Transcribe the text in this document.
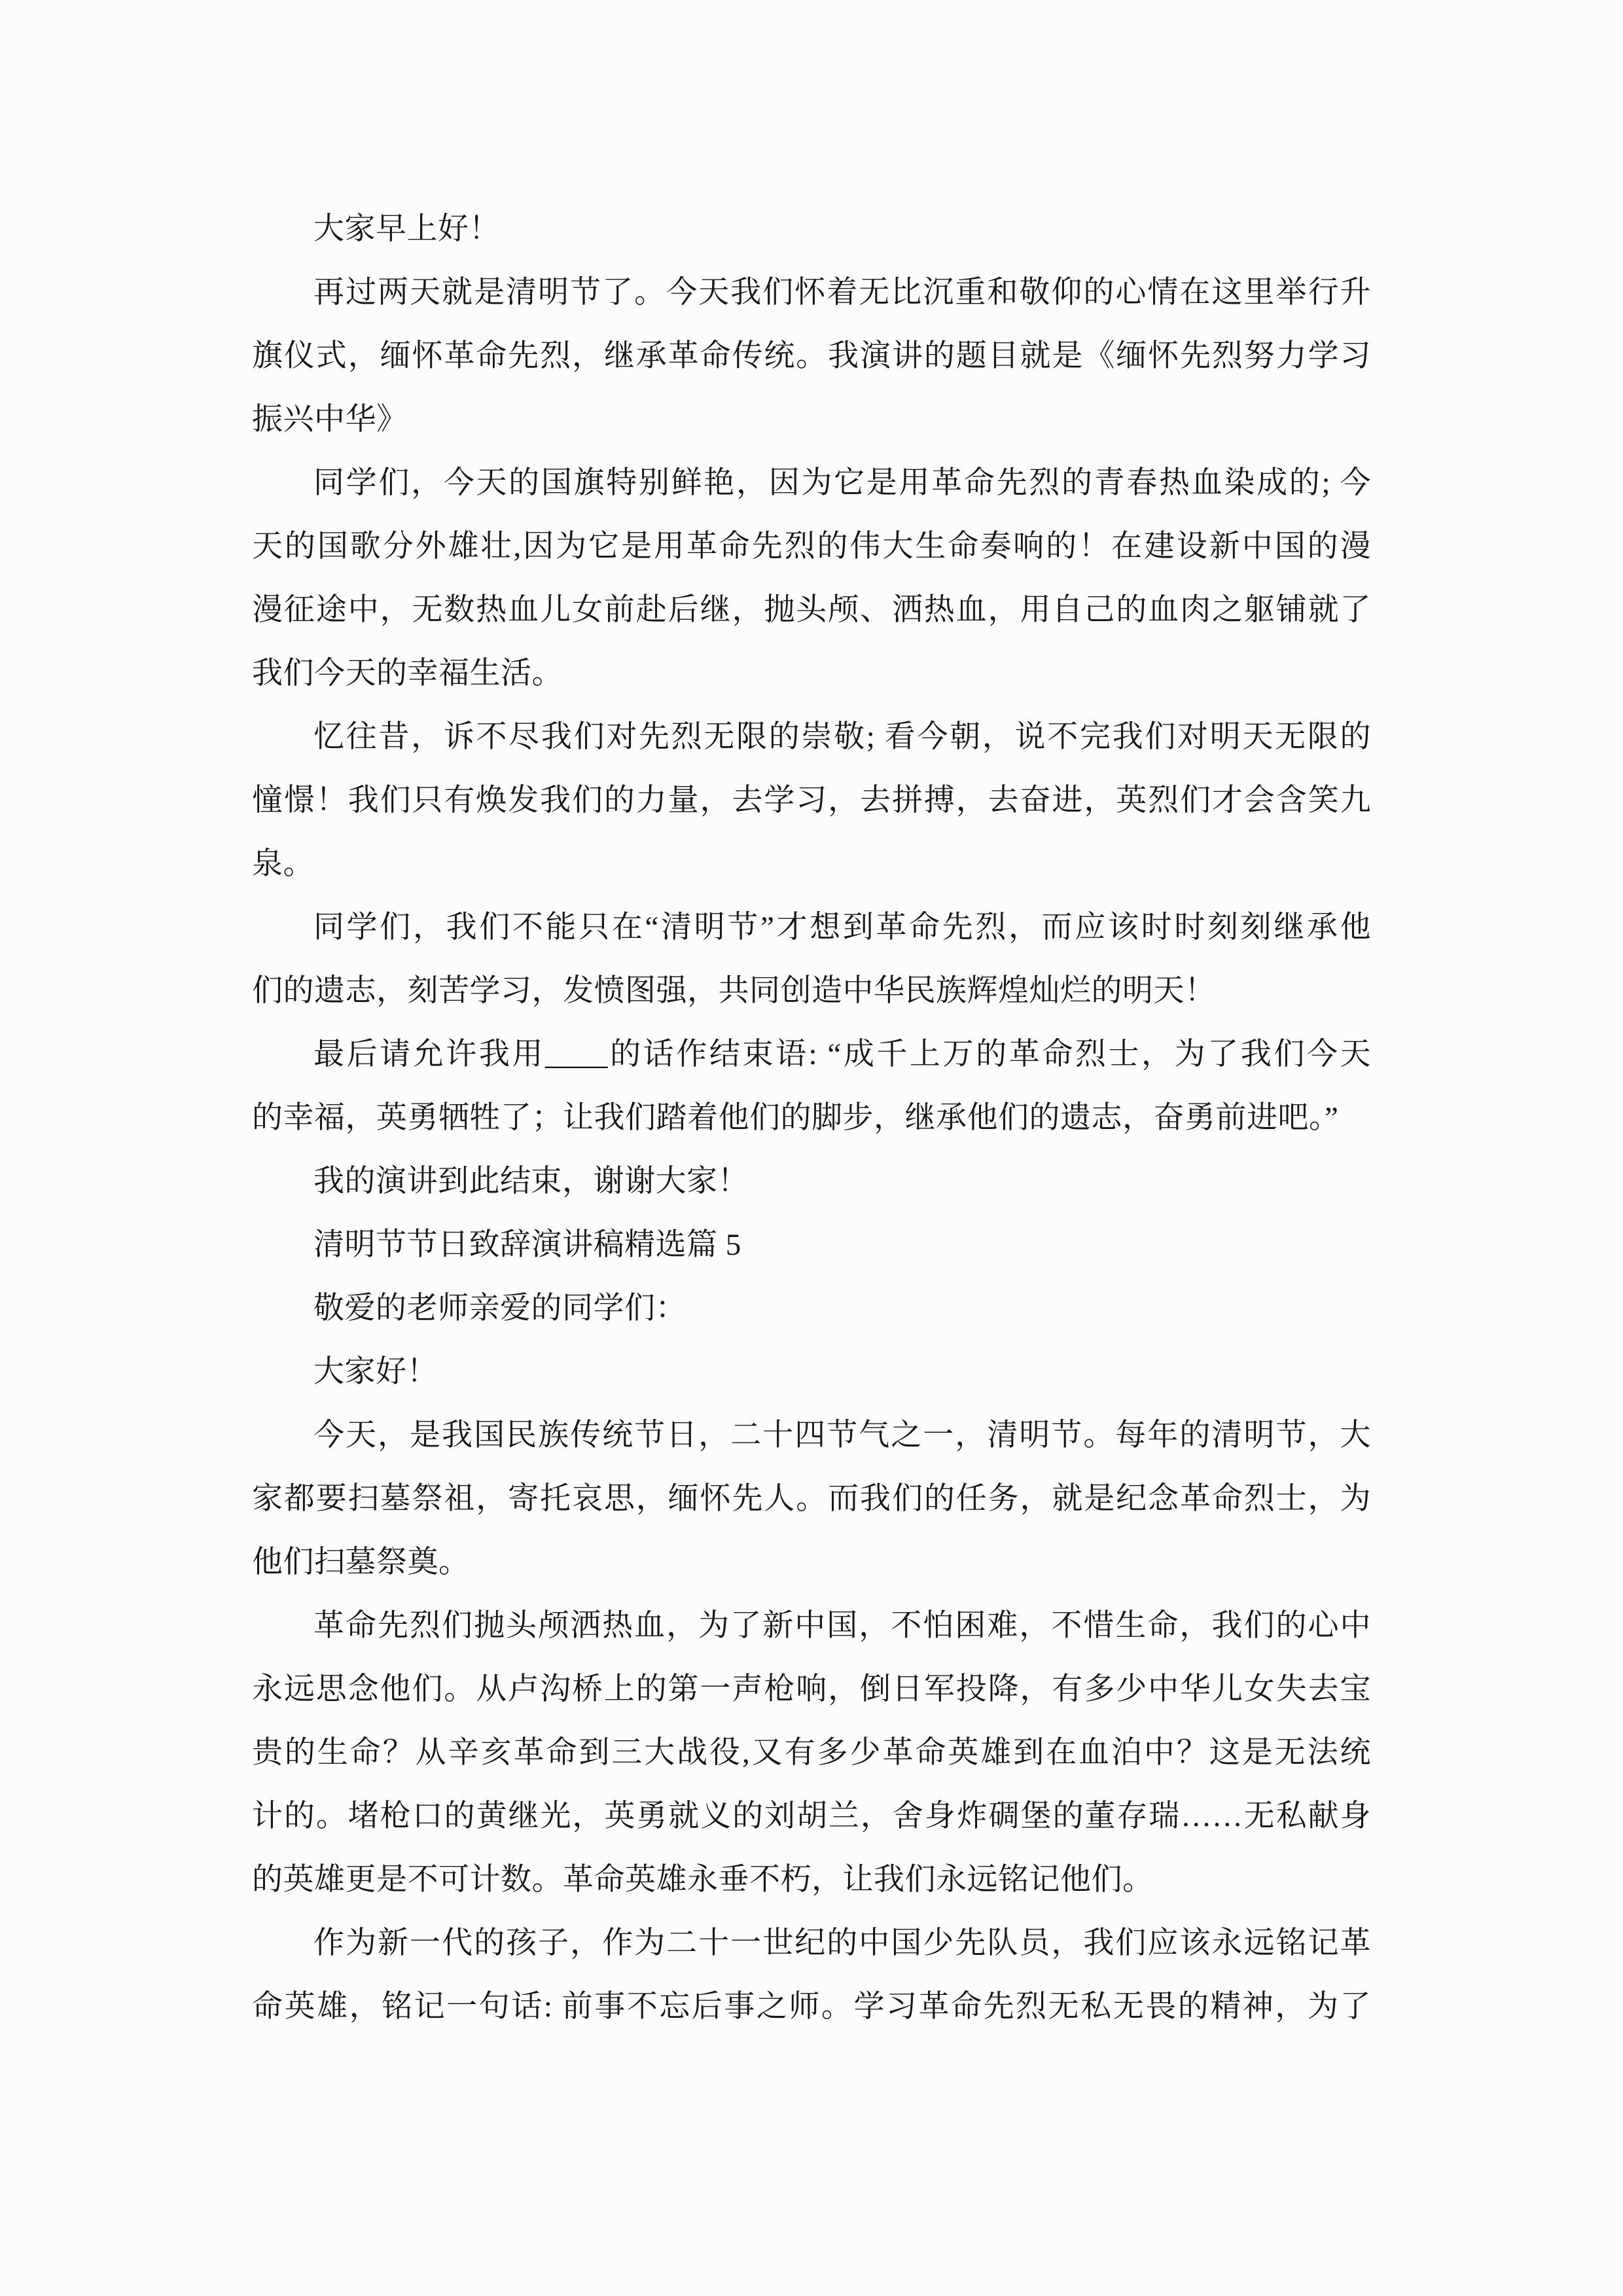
大家早上好！
再过两天就是清明节了。今天我们怀着无比沉重和敬仰的心情在这里举行升
旗仪式，缅怀革命先烈，继承革命传统。我演讲的题目就是《缅怀先烈努力学习
振兴中华》
同学们，今天的国旗特别鲜艳，因为它是用革命先烈的青春热血染成的; 今
天的国歌分外雄壮,因为它是用革命先烈的伟大生命奏响的！在建设新中国的漫
漫征途中，无数热血儿女前赴后继，抛头颅、洒热血，用自己的血肉之躯铺就了
我们今天的幸福生活。
忆往昔，诉不尽我们对先烈无限的崇敬; 看今朝，说不完我们对明天无限的
憧憬！我们只有焕发我们的力量，去学习，去拼搏，去奋进，英烈们才会含笑九
泉。
同学们，我们不能只在“清明节”才想到革命先烈，而应该时时刻刻继承他
们的遗志，刻苦学习，发愤图强，共同创造中华民族辉煌灿烂的明天！
最后请允许我用____的话作结束语: “成千上万的革命烈士，为了我们今天
的幸福，英勇牺牲了；让我们踏着他们的脚步，继承他们的遗志，奋勇前进吧。”
我的演讲到此结束，谢谢大家！
清明节节日致辞演讲稿精选篇 5
敬爱的老师亲爱的同学们：
大家好！
今天，是我国民族传统节日，二十四节气之一，清明节。每年的清明节，大
家都要扫墓祭祖，寄托哀思，缅怀先人。而我们的任务，就是纪念革命烈士，为
他们扫墓祭奠。
革命先烈们抛头颅洒热血，为了新中国，不怕困难，不惜生命，我们的心中
永远思念他们。从卢沟桥上的第一声枪响，倒日军投降，有多少中华儿女失去宝
贵的生命？从辛亥革命到三大战役,又有多少革命英雄到在血泊中？这是无法统
计的。堵枪口的黄继光，英勇就义的刘胡兰，舍身炸碉堡的董存瑞……无私献身
的英雄更是不可计数。革命英雄永垂不朽，让我们永远铭记他们。
作为新一代的孩子，作为二十一世纪的中国少先队员，我们应该永远铭记革
命英雄，铭记一句话: 前事不忘后事之师。学习革命先烈无私无畏的精神，为了
